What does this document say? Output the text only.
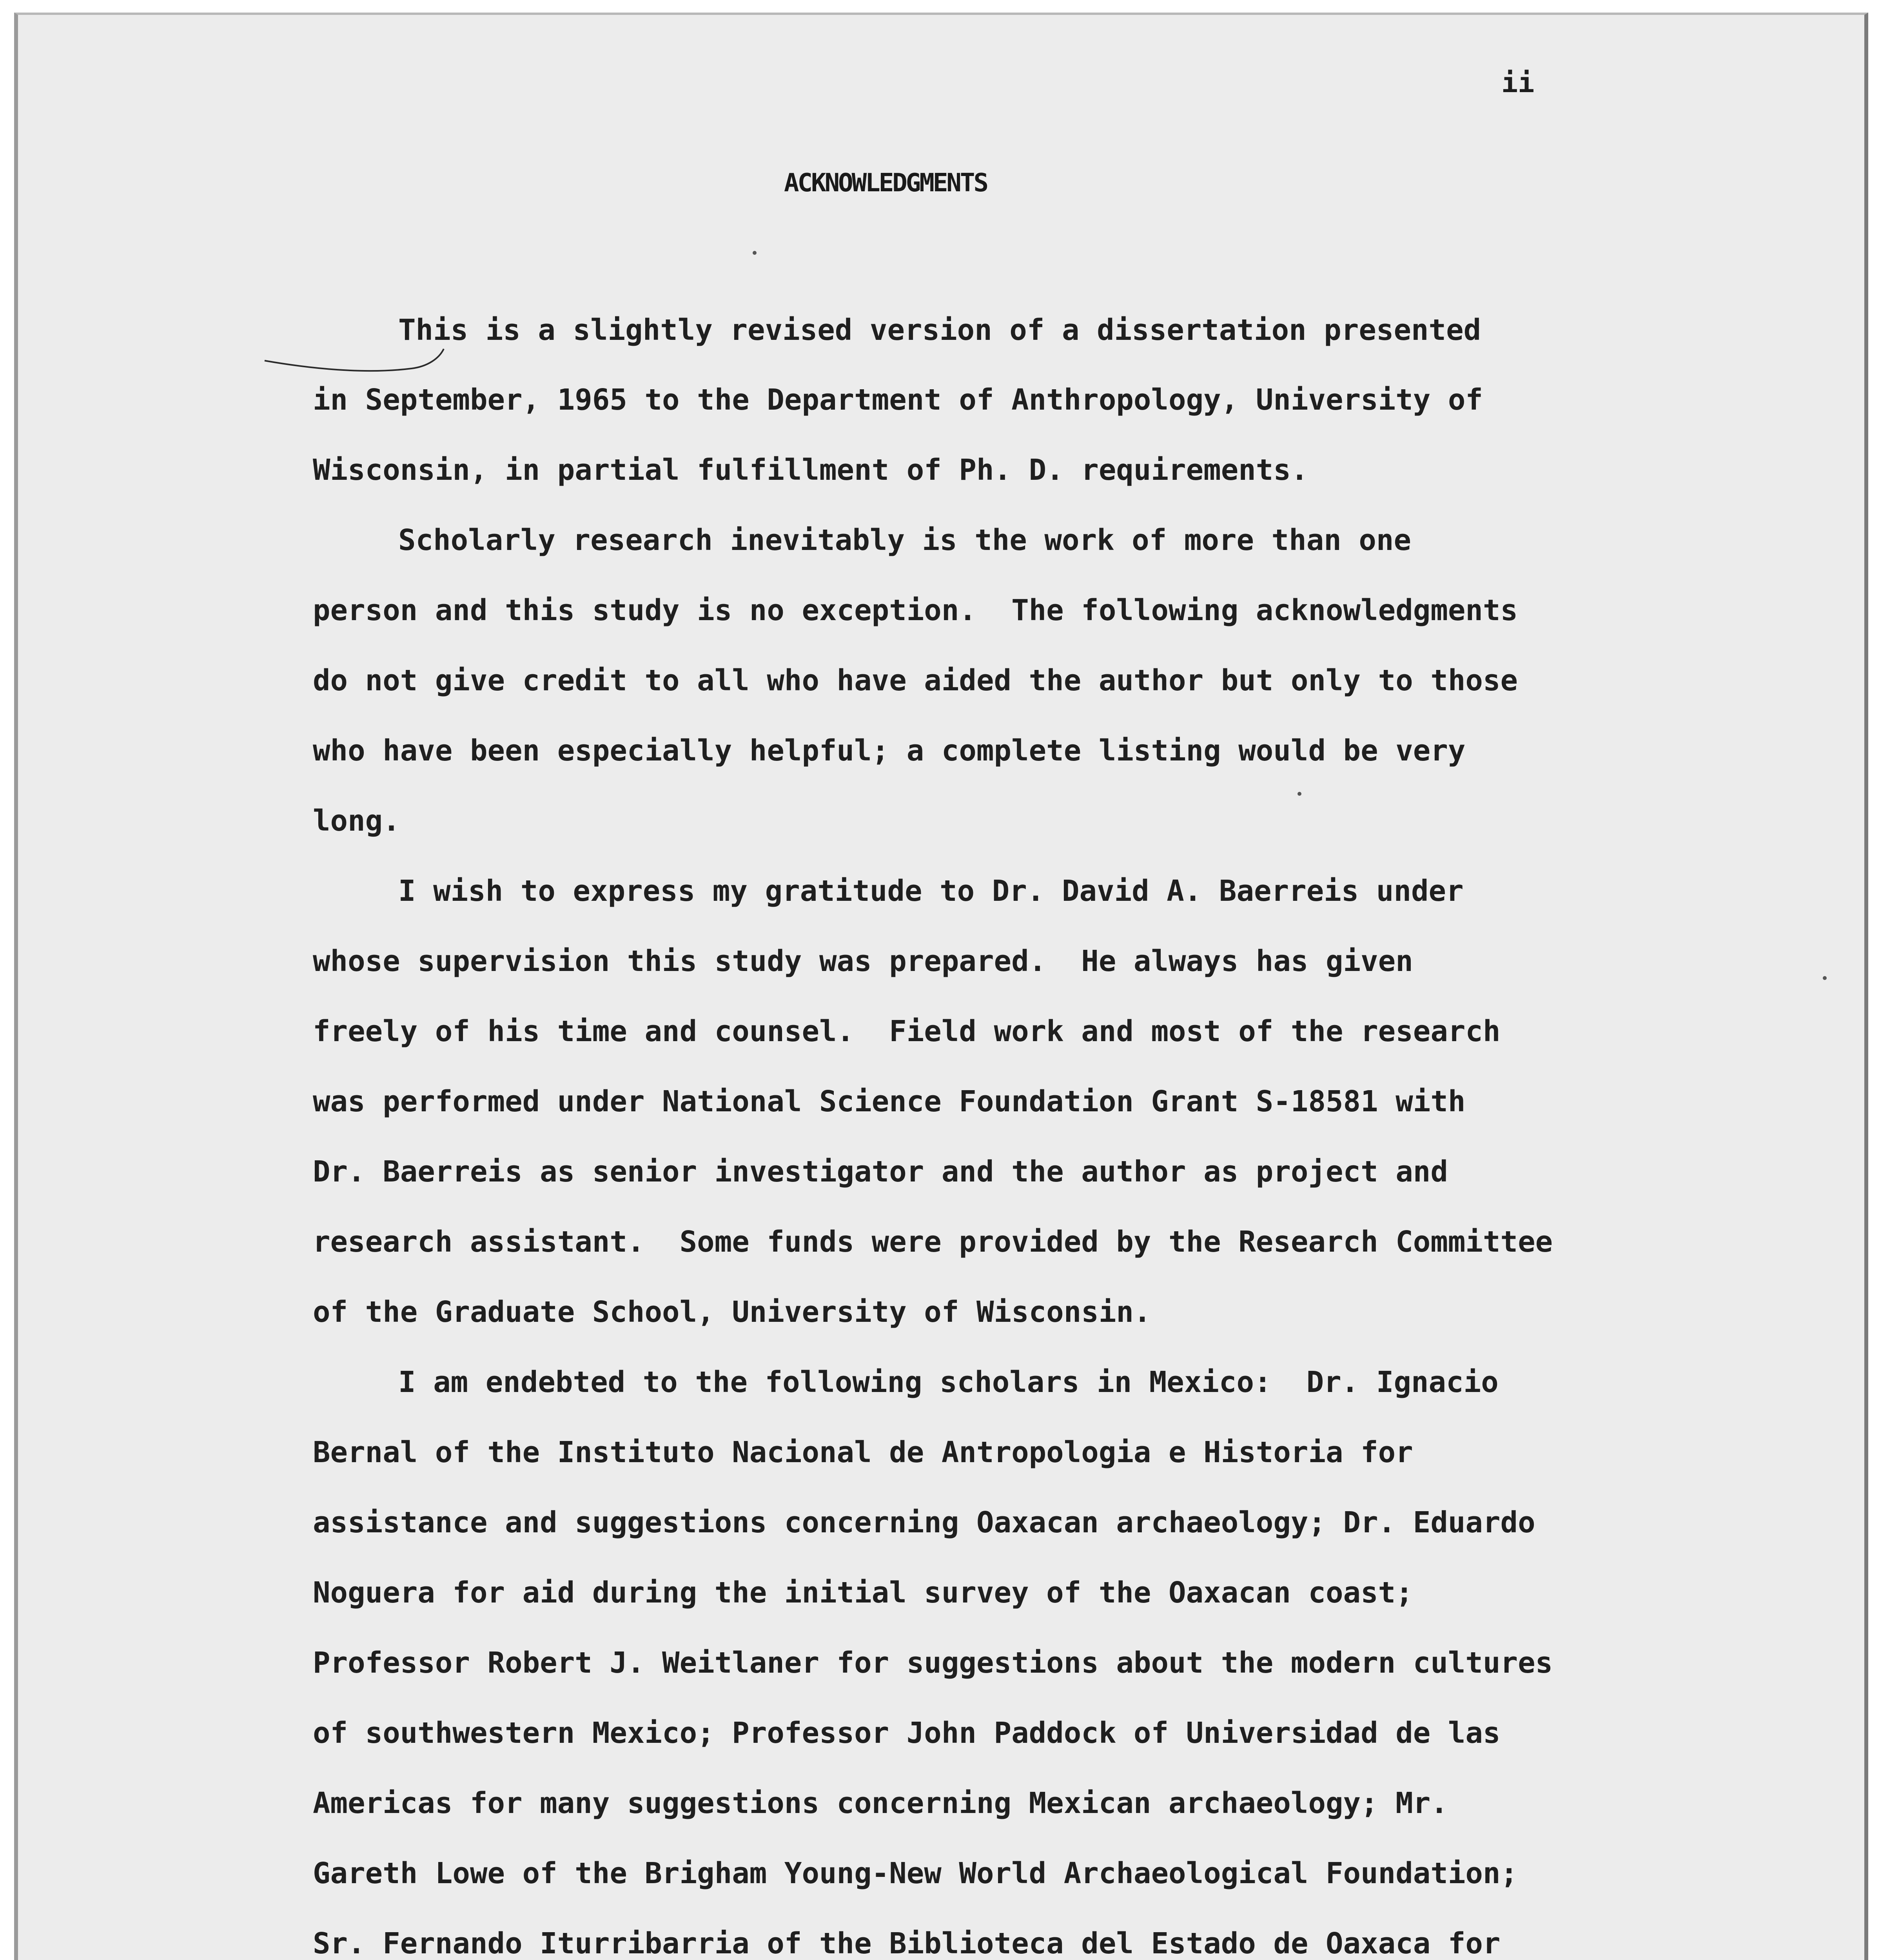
ii
ACKNOWLEDGMENTS
This is a slightly revised version of a dissertation presented
in September, 1965 to the Department of Anthropology, University of
Wisconsin, in partial fulfillment of Ph. D. requirements.
Scholarly research inevitably is the work of more than one
person and this study is no exception.  The following acknowledgments
do not give credit to all who have aided the author but only to those
who have been especially helpful; a complete listing would be very
long.
I wish to express my gratitude to Dr. David A. Baerreis under
whose supervision this study was prepared.  He always has given
freely of his time and counsel.  Field work and most of the research
was performed under National Science Foundation Grant S-18581 with
Dr. Baerreis as senior investigator and the author as project and
research assistant.  Some funds were provided by the Research Committee
of the Graduate School, University of Wisconsin.
I am endebted to the following scholars in Mexico:  Dr. Ignacio
Bernal of the Instituto Nacional de Antropologia e Historia for
assistance and suggestions concerning Oaxacan archaeology; Dr. Eduardo
Noguera for aid during the initial survey of the Oaxacan coast;
Professor Robert J. Weitlaner for suggestions about the modern cultures
of southwestern Mexico; Professor John Paddock of Universidad de las
Americas for many suggestions concerning Mexican archaeology; Mr.
Gareth Lowe of the Brigham Young-New World Archaeological Foundation;
Sr. Fernando Iturribarria of the Biblioteca del Estado de Oaxaca for
